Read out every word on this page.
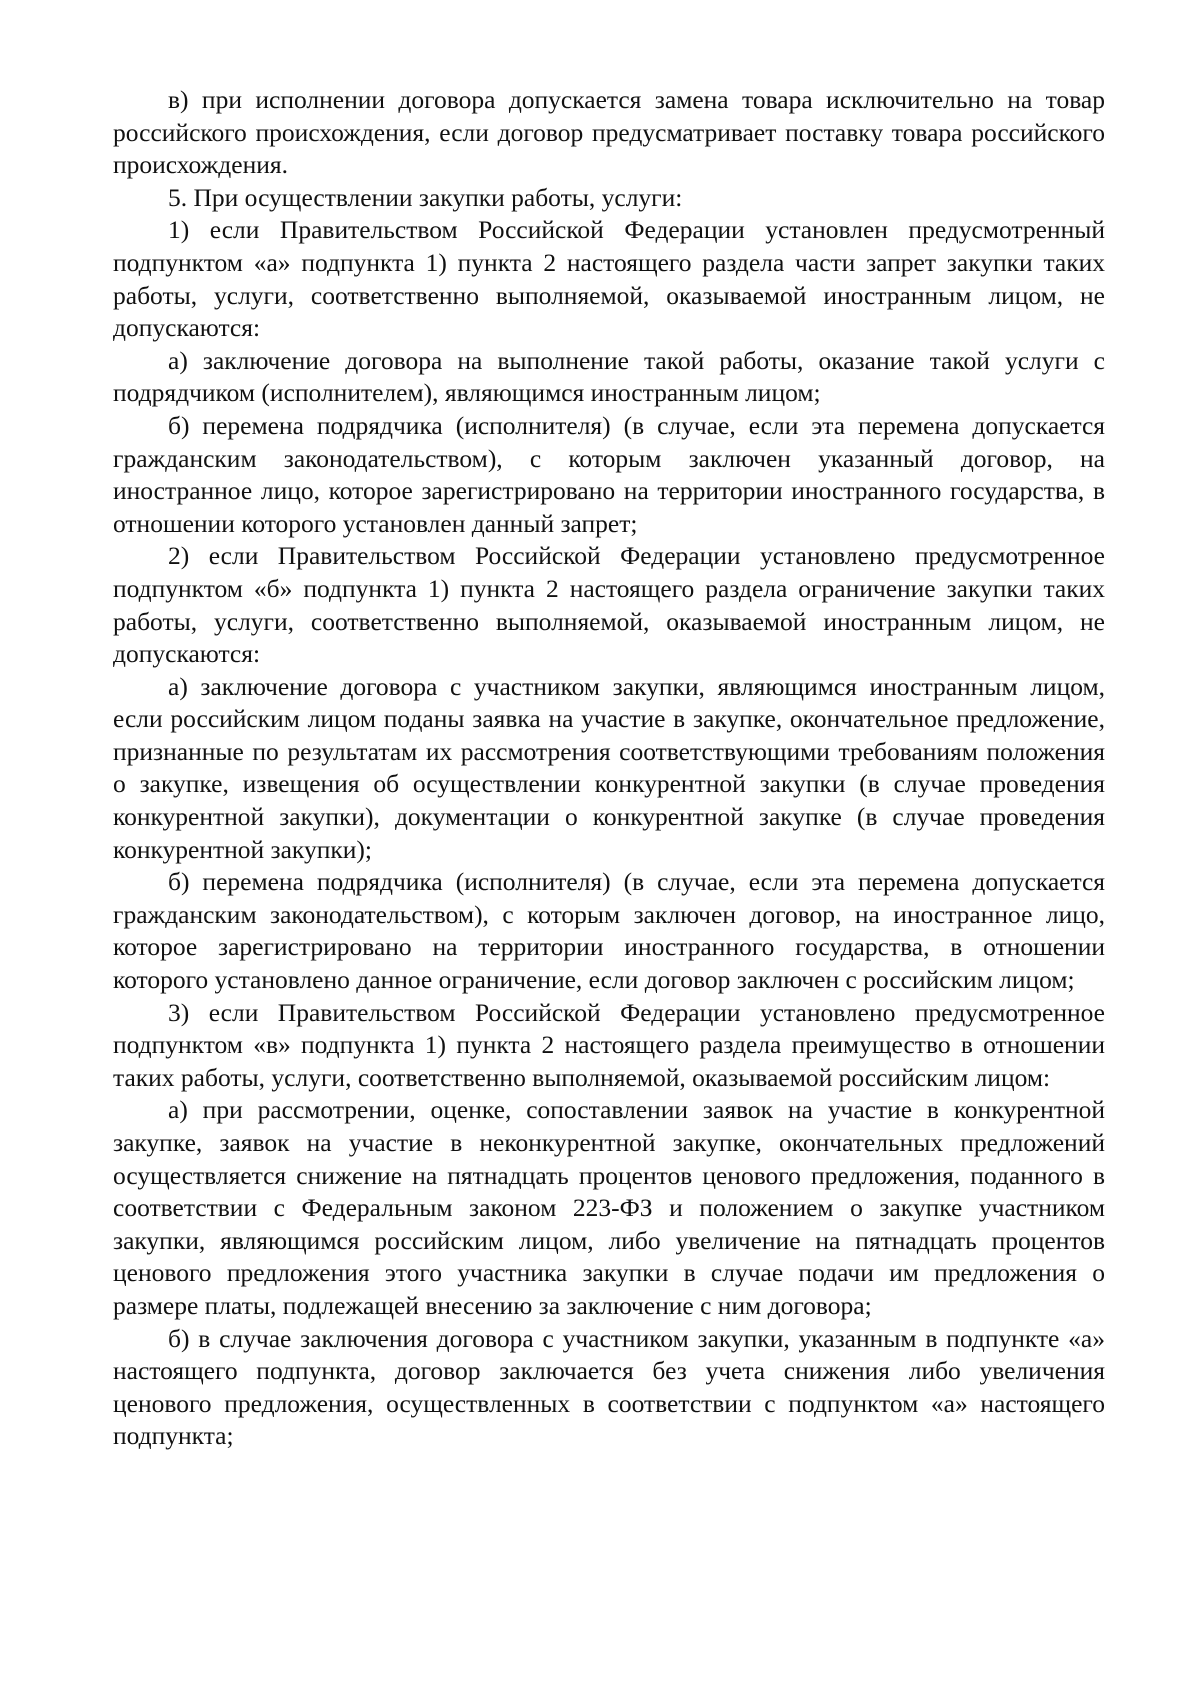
в) при исполнении договора допускается замена товара исключительно на товар российского происхождения, если договор предусматривает поставку товара российского происхождения.

5. При осуществлении закупки работы, услуги:

1) если Правительством Российской Федерации установлен предусмотренный подпунктом «а» подпункта 1) пункта 2 настоящего раздела части запрет закупки таких работы, услуги, соответственно выполняемой, оказываемой иностранным лицом, не допускаются:

а) заключение договора на выполнение такой работы, оказание такой услуги с подрядчиком (исполнителем), являющимся иностранным лицом;

б) перемена подрядчика (исполнителя) (в случае, если эта перемена допускается гражданским законодательством), с которым заключен указанный договор, на иностранное лицо, которое зарегистрировано на территории иностранного государства, в отношении которого установлен данный запрет;

2) если Правительством Российской Федерации установлено предусмотренное подпунктом «б» подпункта 1) пункта 2 настоящего раздела ограничение закупки таких работы, услуги, соответственно выполняемой, оказываемой иностранным лицом, не допускаются:

а) заключение договора с участником закупки, являющимся иностранным лицом, если российским лицом поданы заявка на участие в закупке, окончательное предложение, признанные по результатам их рассмотрения соответствующими требованиям положения о закупке, извещения об осуществлении конкурентной закупки (в случае проведения конкурентной закупки), документации о конкурентной закупке (в случае проведения конкурентной закупки);

б) перемена подрядчика (исполнителя) (в случае, если эта перемена допускается гражданским законодательством), с которым заключен договор, на иностранное лицо, которое зарегистрировано на территории иностранного государства, в отношении которого установлено данное ограничение, если договор заключен с российским лицом;

3) если Правительством Российской Федерации установлено предусмотренное подпунктом «в» подпункта 1) пункта 2 настоящего раздела преимущество в отношении таких работы, услуги, соответственно выполняемой, оказываемой российским лицом:

а) при рассмотрении, оценке, сопоставлении заявок на участие в конкурентной закупке, заявок на участие в неконкурентной закупке, окончательных предложений осуществляется снижение на пятнадцать процентов ценового предложения, поданного в соответствии с Федеральным законом 223-ФЗ и положением о закупке участником закупки, являющимся российским лицом, либо увеличение на пятнадцать процентов ценового предложения этого участника закупки в случае подачи им предложения о размере платы, подлежащей внесению за заключение с ним договора;

б) в случае заключения договора с участником закупки, указанным в подпункте «а» настоящего подпункта, договор заключается без учета снижения либо увеличения ценового предложения, осуществленных в соответствии с подпунктом «а» настоящего подпункта;
